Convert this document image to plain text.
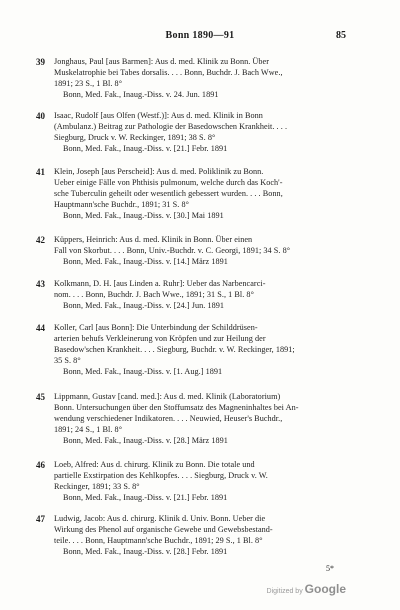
Bonn 1890—91	85
39 Jonghaus, Paul [aus Barmen]: Aus d. med. Klinik zu Bonn. Über
Muskelatrophie bei Tabes dorsalis. . . . Bonn, Buchdr. J. Bach Wwe.,
1891; 23 S., 1 Bl. 8°
Bonn, Med. Fak., Inaug.-Diss. v. 24. Jun. 1891
40 Isaac, Rudolf [aus Olfen (Westf.)]: Aus d. med. Klinik in Bonn
(Ambulanz.) Beitrag zur Pathologie der Basedowschen Krankheit. . . .
Siegburg, Druck v. W. Reckinger, 1891; 38 S. 8°
Bonn, Med. Fak., Inaug.-Diss. v. [21.] Febr. 1891
41 Klein, Joseph [aus Perscheid]: Aus d. med. Poliklinik zu Bonn.
Ueber einige Fälle von Phthisis pulmonum, welche durch das Koch'-
sche Tuberculin geheilt oder wesentlich gebessert wurden. . . . Bonn,
Hauptmann'sche Buchdr., 1891; 31 S. 8°
Bonn, Med. Fak., Inaug.-Diss. v. [30.] Mai 1891
42 Küppers, Heinrich: Aus d. med. Klinik in Bonn. Über einen
Fall von Skorbut. . . . Bonn, Univ.-Buchdr. v. C. Georgi, 1891; 34 S. 8°
Bonn, Med. Fak., Inaug.-Diss. v. [14.] März 1891
43 Kolkmann, D. H. [aus Linden a. Ruhr]: Ueber das Narbencarci-
nom. . . . Bonn, Buchdr. J. Bach Wwe., 1891; 31 S., 1 Bl. 8°
Bonn, Med. Fak., Inaug.-Diss. v. [24.] Jun. 1891
44 Koller, Carl [aus Bonn]: Die Unterbindung der Schilddrüsen-
arterien behufs Verkleinerung von Kröpfen und zur Heilung der
Basedow'schen Krankheit. . . . Siegburg, Buchdr. v. W. Reckinger, 1891;
35 S. 8°
Bonn, Med. Fak., Inaug.-Diss. v. [1. Aug.] 1891
45 Lippmann, Gustav [cand. med.]: Aus d. med. Klinik (Laboratorium)
Bonn. Untersuchungen über den Stoffumsatz des Magneninhaltes bei An-
wendung verschiedener Indikatoren. . . . Neuwied, Heuser's Buchdr.,
1891; 24 S., 1 Bl. 8°
Bonn, Med. Fak., Inaug.-Diss. v. [28.] März 1891
46 Loeb, Alfred: Aus d. chirurg. Klinik zu Bonn. Die totale und
partielle Exstirpation des Kehlkopfes. . . . Siegburg, Druck v. W.
Reckinger, 1891; 33 S. 8°
Bonn, Med. Fak., Inaug.-Diss. v. [21.] Febr. 1891
47 Ludwig, Jacob: Aus d. chirurg. Klinik d. Univ. Bonn. Ueber die
Wirkung des Phenol auf organische Gewebe und Gewebsbestand-
teile. . . . Bonn, Hauptmann'sche Buchdr., 1891; 29 S., 1 Bl. 8°
Bonn, Med. Fak., Inaug.-Diss. v. [28.] Febr. 1891
5*
Digitized by Google
